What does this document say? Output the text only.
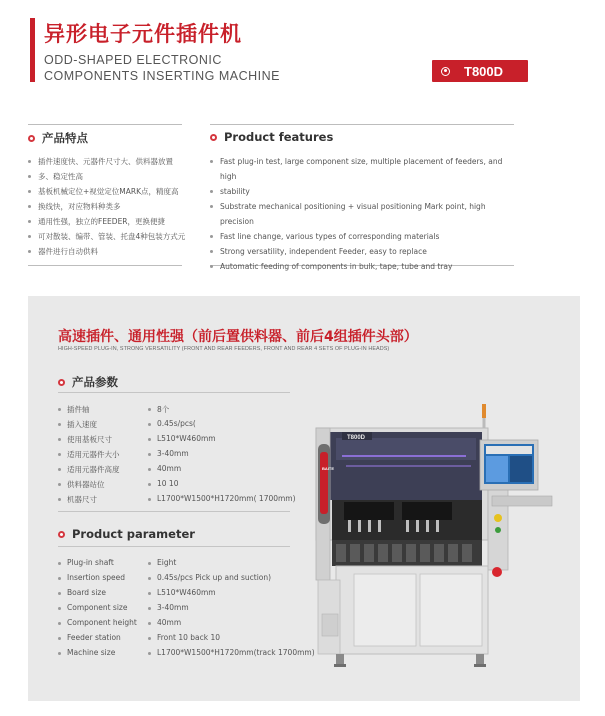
异形电子元件插件机
ODD-SHAPED ELECTRONIC
COMPONENTS INSERTING MACHINE	T800D
产品特点
插件速度快、元器件尺寸大、供料器放置
多、稳定性高
基板机械定位+视觉定位MARK点，精度高
换线快，对应物料种类多
通用性强，独立的FEEDER，更换便捷
可对散装、编带、管装、托盘4种包装方式元
器件进行自动供料
Product features
Fast plug-in test, large component size, multiple placement of feeders, and high
stability
Substrate mechanical positioning + visual positioning Mark point, high precision
Fast line change, various types of corresponding materials
Strong versatility, independent Feeder, easy to replace
Automatic feeding of components in bulk, tape, tube and tray
高速插件、通用性强（前后置供料器、前后4组插件头部）
HIGH-SPEED PLUG-IN, STRONG VERSATILITY (FRONT AND REAR FEEDERS, FRONT AND REAR 4 SETS OF PLUG-IN HEADS)
产品参数
插件轴	8个
插入速度	0.45s/pcs(
使用基板尺寸	L510*W460mm
适用元器件大小	3-40mm
适用元器件高度	40mm
供料器站位	10 10
机器尺寸	L1700*W1500*H1720mm( 1700mm)
Product parameter
Plug-in shaft	Eight
Insertion speed	0.45s/pcs Pick up and suction)
Board size	L510*W460mm
Component size	3-40mm
Component height	40mm
Feeder station	Front 10 back 10
Machine size	L1700*W1500*H1720mm(track 1700mm)
T800D
BAITE
